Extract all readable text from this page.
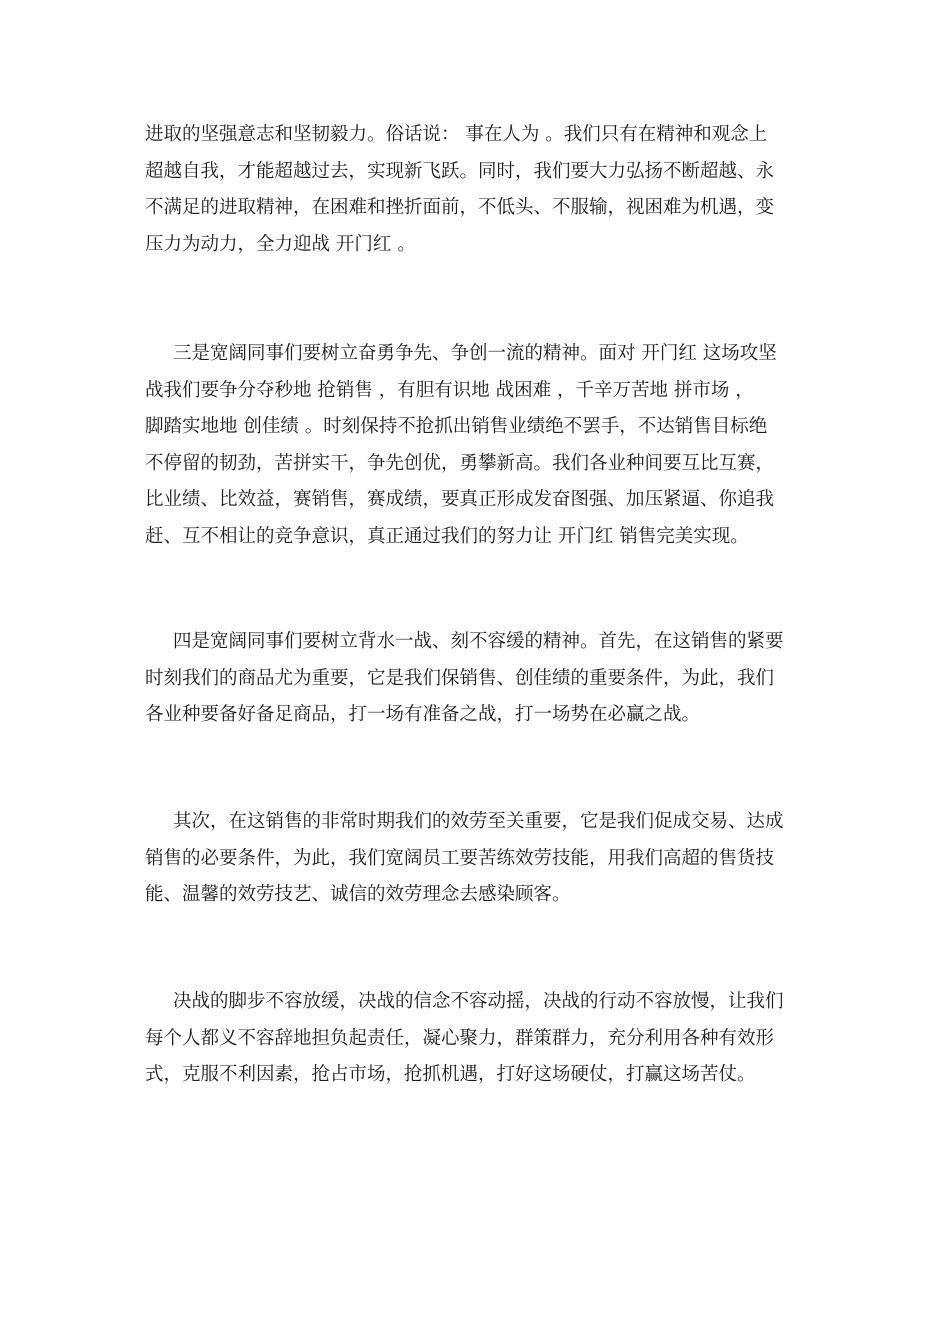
进取的坚强意志和坚韧毅力。俗话说： 事在人为 。我们只有在精神和观念上
超越自我，才能超越过去，实现新飞跃。同时，我们要大力弘扬不断超越、永
不满足的进取精神，在困难和挫折面前，不低头、不服输，视困难为机遇，变
压力为动力，全力迎战 开门红 。
三是宽阔同事们要树立奋勇争先、争创一流的精神。面对 开门红 这场攻坚
战我们要争分夺秒地 抢销售 ，有胆有识地 战困难 ，千辛万苦地 拼市场 ，
脚踏实地地 创佳绩 。时刻保持不抢抓出销售业绩绝不罢手，不达销售目标绝
不停留的韧劲，苦拼实干，争先创优，勇攀新高。我们各业种间要互比互赛，
比业绩、比效益，赛销售，赛成绩，要真正形成发奋图强、加压紧逼、你追我
赶、互不相让的竞争意识，真正通过我们的努力让 开门红 销售完美实现。
四是宽阔同事们要树立背水一战、刻不容缓的精神。首先，在这销售的紧要
时刻我们的商品尤为重要，它是我们保销售、创佳绩的重要条件，为此，我们
各业种要备好备足商品，打一场有准备之战，打一场势在必赢之战。
其次，在这销售的非常时期我们的效劳至关重要，它是我们促成交易、达成
销售的必要条件，为此，我们宽阔员工要苦练效劳技能，用我们高超的售货技
能、温馨的效劳技艺、诚信的效劳理念去感染顾客。
决战的脚步不容放缓，决战的信念不容动摇，决战的行动不容放慢，让我们
每个人都义不容辞地担负起责任，凝心聚力，群策群力，充分利用各种有效形
式，克服不利因素，抢占市场，抢抓机遇，打好这场硬仗，打赢这场苦仗。
